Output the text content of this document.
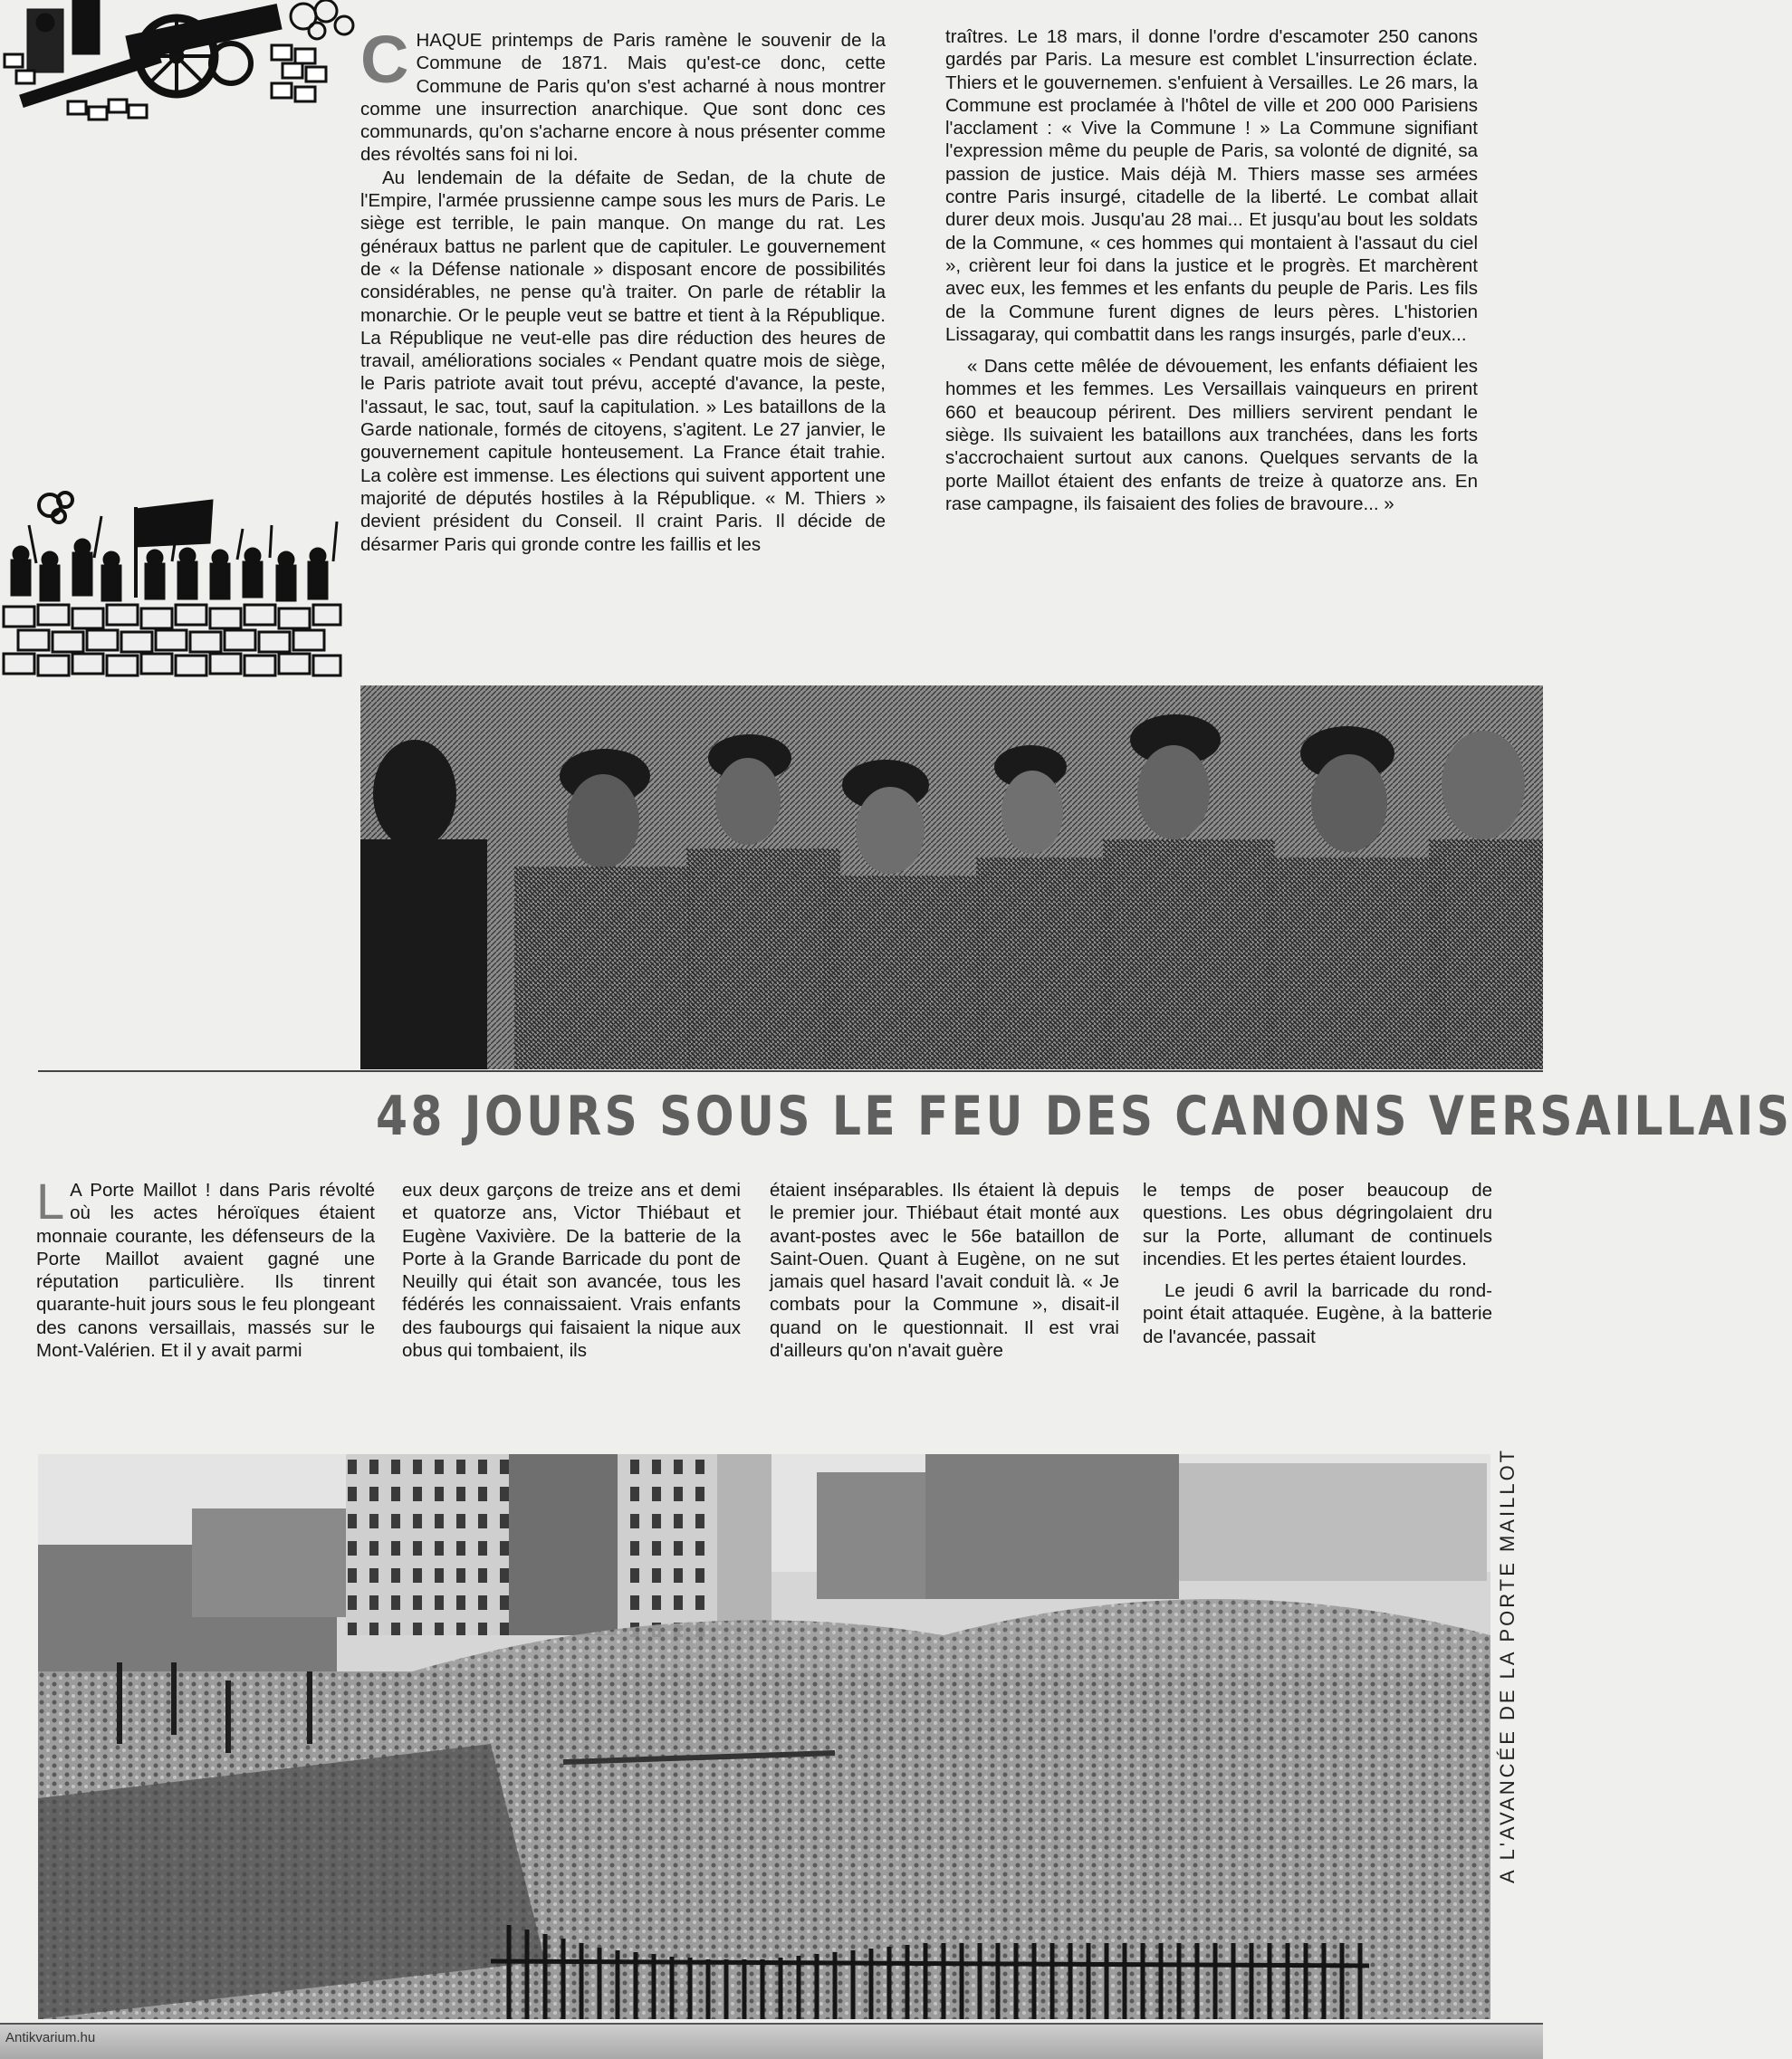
C HAQUE printemps de Paris ramène le souvenir de la Commune de 1871. Mais qu'est-ce donc, cette Commune de Paris qu'on s'est acharné à nous montrer comme une insurrection anarchique. Que sont donc ces communards, qu'on s'acharne encore à nous présenter comme des révoltés sans foi ni loi.

Au lendemain de la défaite de Sedan, de la chute de l'Empire, l'armée prussienne campe sous les murs de Paris. Le siège est terrible, le pain manque. On mange du rat. Les généraux battus ne parlent que de capituler. Le gouvernement de « la Défense nationale » disposant encore de possibilités considérables, ne pense qu'à traiter. On parle de rétablir la monarchie. Or le peuple veut se battre et tient à la République. La République ne veut-elle pas dire réduction des heures de travail, améliorations sociales « Pendant quatre mois de siège, le Paris patriote avait tout prévu, accepté d'avance, la peste, l'assaut, le sac, tout, sauf la capitulation. » Les bataillons de la Garde nationale, formés de citoyens, s'agitent. Le 27 janvier, le gouvernement capitule honteusement. La France était trahie. La colère est immense. Les élections qui suivent apportent une majorité de députés hostiles à la République. « M. Thiers » devient président du Conseil. Il craint Paris. Il décide de désarmer Paris qui gronde contre les faillis et les

traîtres. Le 18 mars, il donne l'ordre d'escamoter 250 canons gardés par Paris. La mesure est comblet L'insurrection éclate. Thiers et le gouvernemen. s'enfuient à Versailles. Le 26 mars, la Commune est proclamée à l'hôtel de ville et 200 000 Parisiens l'acclament : « Vive la Commune ! » La Commune signifiant l'expression même du peuple de Paris, sa volonté de dignité, sa passion de justice. Mais déjà M. Thiers masse ses armées contre Paris insurgé, citadelle de la liberté. Le combat allait durer deux mois. Jusqu'au 28 mai... Et jusqu'au bout les soldats de la Commune, « ces hommes qui montaient à l'assaut du ciel », crièrent leur foi dans la justice et le progrès. Et marchèrent avec eux, les femmes et les enfants du peuple de Paris. Les fils de la Commune furent dignes de leurs pères. L'historien Lissagaray, qui combattit dans les rangs insurgés, parle d'eux...

« Dans cette mêlée de dévouement, les enfants défiaient les hommes et les femmes. Les Versaillais vainqueurs en prirent 660 et beaucoup périrent. Des milliers servirent pendant le siège. Ils suivaient les bataillons aux tranchées, dans les forts s'accrochaient surtout aux canons. Quelques servants de la porte Maillot étaient des enfants de treize à quatorze ans. En rase campagne, ils faisaient des folies de bravoure... »

48 JOURS SOUS LE FEU DES CANONS VERSAILLAIS
L A Porte Maillot ! dans Paris révolté où les actes héroïques étaient monnaie courante, les défenseurs de la Porte Maillot avaient gagné une réputation particulière. Ils tinrent quarante-huit jours sous le feu plongeant des canons versaillais, massés sur le Mont-Valérien. Et il y avait parmi

eux deux garçons de treize ans et demi et quatorze ans, Victor Thiébaut et Eugène Vaxivière. De la batterie de la Porte à la Grande Barricade du pont de Neuilly qui était son avancée, tous les fédérés les connaissaient. Vrais enfants des faubourgs qui faisaient la nique aux obus qui tombaient, ils

étaient inséparables. Ils étaient là depuis le premier jour. Thiébaut était monté aux avant-postes avec le 56e bataillon de Saint-Ouen. Quant à Eugène, on ne sut jamais quel hasard l'avait conduit là. « Je combats pour la Commune », disait-il quand on le questionnait. Il est vrai d'ailleurs qu'on n'avait guère

le temps de poser beaucoup de questions. Les obus dégringolaient dru sur la Porte, allumant de continuels incendies. Et les pertes étaient lourdes.

Le jeudi 6 avril la barricade du rond-point était attaquée. Eugène, à la batterie de l'avancée, passait

A L'AVANCÉE DE LA PORTE MAILLOT
Antikvarium.hu
